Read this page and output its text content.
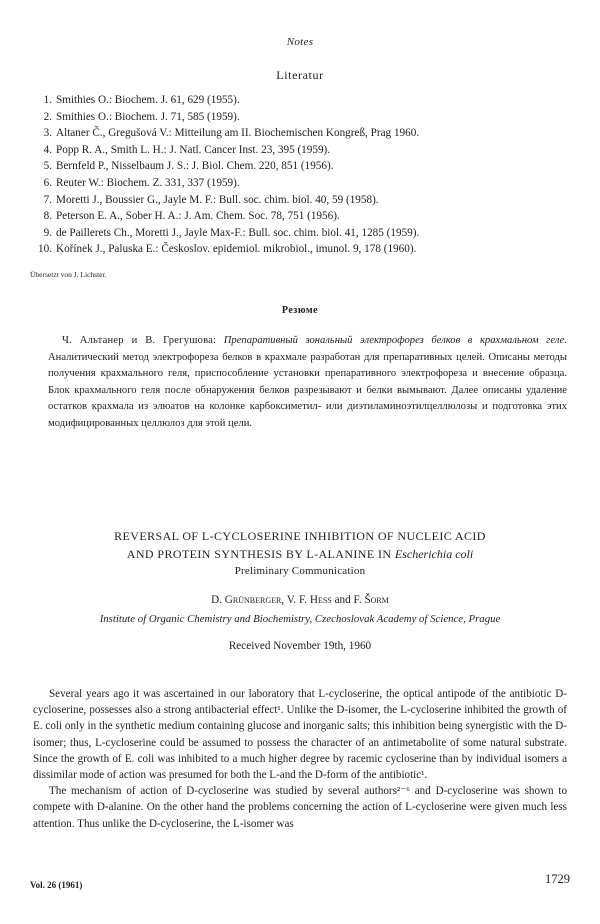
Notes
Literatur
1. Smithies O.: Biochem. J. 61, 629 (1955).
2. Smithies O.: Biochem. J. 71, 585 (1959).
3. Altaner Č., Gregušová V.: Mitteilung am II. Biochemischen Kongreß, Prag 1960.
4. Popp R. A., Smith L. H.: J. Natl. Cancer Inst. 23, 395 (1959).
5. Bernfeld P., Nisselbaum J. S.: J. Biol. Chem. 220, 851 (1956).
6. Reuter W.: Biochem. Z. 331, 337 (1959).
7. Moretti J., Boussier G., Jayle M. F.: Bull. soc. chim. biol. 40, 59 (1958).
8. Peterson E. A., Sober H. A.: J. Am. Chem. Soc. 78, 751 (1956).
9. de Paillerets Ch., Moretti J., Jayle Max-F.: Bull. soc. chim. biol. 41, 1285 (1959).
10. Kořínek J., Paluska E.: Českoslov. epidemiol. mikrobiol., imunol. 9, 178 (1960).
Übersetzt von J. Lichster.
Резюме

Ч. Альтанер и В. Грегушова: Препаративный зональный электрофорез белков в крахмальном геле. Аналитический метод электрофореза белков в крахмале разработан для препаративных целей. Описаны методы получения крахмального геля, приспособление установки препаративного электрофореза и внесение образца. Блок крахмального геля после обнаружения белков разрезывают и белки вымывают. Далее описаны удаление остатков крахмала из элюатов на колонке карбоксиметил- или диэтиламиноэтилцеллюлозы и подготовка этих модифицированных целлюлоз для этой цели.

REVERSAL OF L-CYCLOSERINE INHIBITION OF NUCLEIC ACID
AND PROTEIN SYNTHESIS BY L-ALANINE IN Escherichia coli
Preliminary Communication
D. Grünberger, V. F. Hess and F. Šorm
Institute of Organic Chemistry and Biochemistry, Czechoslovak Academy of Science, Prague
Received November 19th, 1960

Several years ago it was ascertained in our laboratory that L-cycloserine, the optical antipode of the antibiotic D-cycloserine, possesses also a strong antibacterial effect¹. Unlike the D-isomer, the L-cycloserine inhibited the growth of E. coli only in the synthetic medium containing glucose and inorganic salts; this inhibition being synergistic with the D-isomer; thus, L-cycloserine could be assumed to possess the character of an antimetabolite of some natural substrate. Since the growth of E. coli was inhibited to a much higher degree by racemic cycloserine than by individual isomers a dissimilar mode of action was presumed for both the L-and the D-form of the antibiotic¹.

The mechanism of action of D-cycloserine was studied by several authors²⁻⁶ and D-cycloserine was shown to compete with D-alanine. On the other hand the problems concerning the action of L-cycloserine were given much less attention. Thus unlike the D-cycloserine, the L-isomer was

Vol. 26 (1961)	1729
